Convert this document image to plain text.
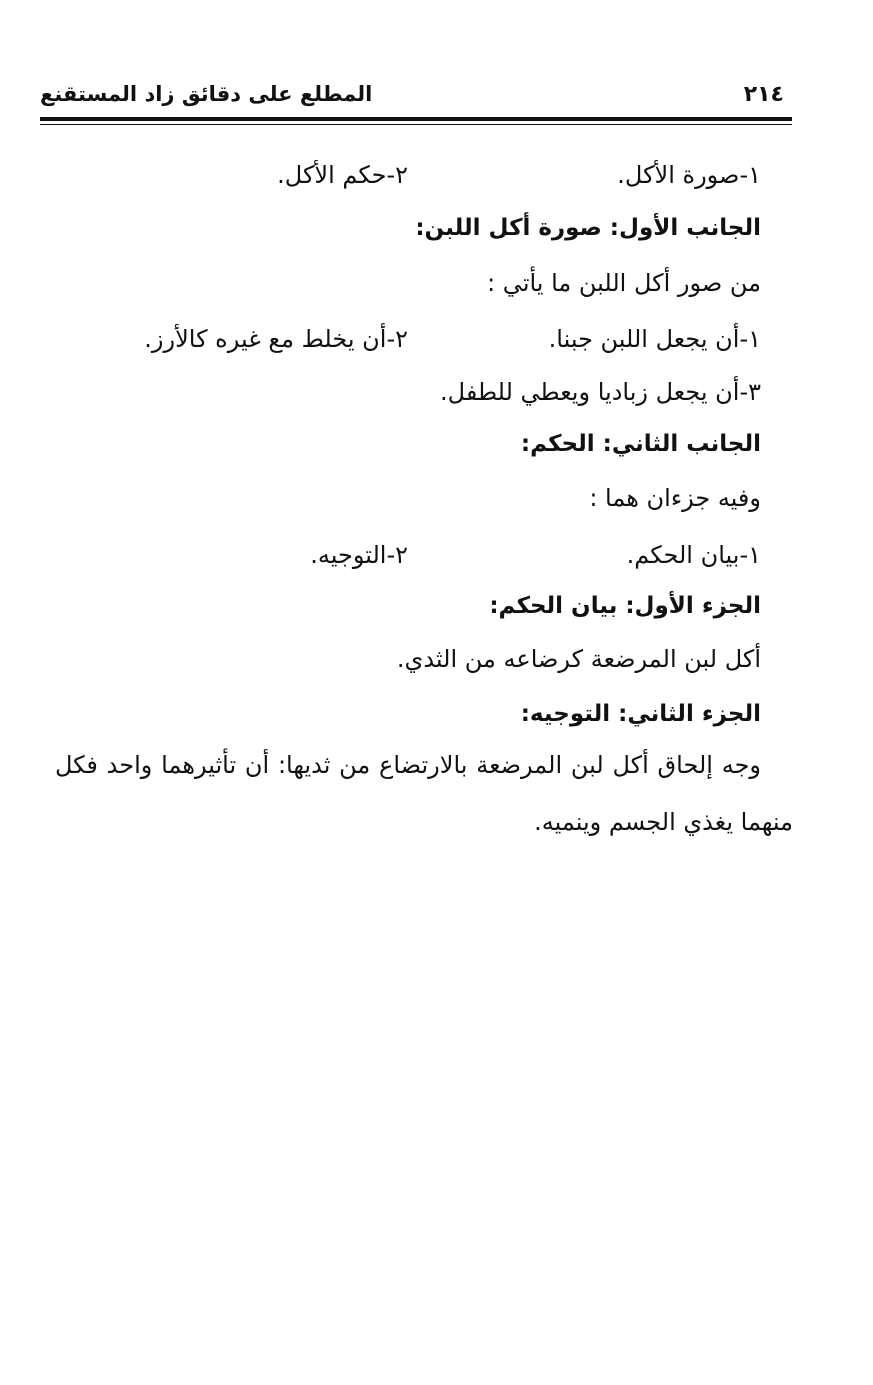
٢١٤
المطلع على دقائق زاد المستقنع
١-صورة الأكل.
٢-حكم الأكل.
الجانب الأول: صورة أكل اللبن:
من صور أكل اللبن ما يأتي :
١-أن يجعل اللبن جبنا.
٢-أن يخلط مع غيره كالأرز.
٣-أن يجعل زباديا ويعطي للطفل.
الجانب الثاني: الحكم:
وفيه جزءان هما :
١-بيان الحكم.
٢-التوجيه.
الجزء الأول: بيان الحكم:
أكل لبن المرضعة كرضاعه من الثدي.
الجزء الثاني: التوجيه:
وجه إلحاق أكل لبن المرضعة بالارتضاع من ثديها: أن تأثيرهما واحد فكل
منهما يغذي الجسم وينميه.
